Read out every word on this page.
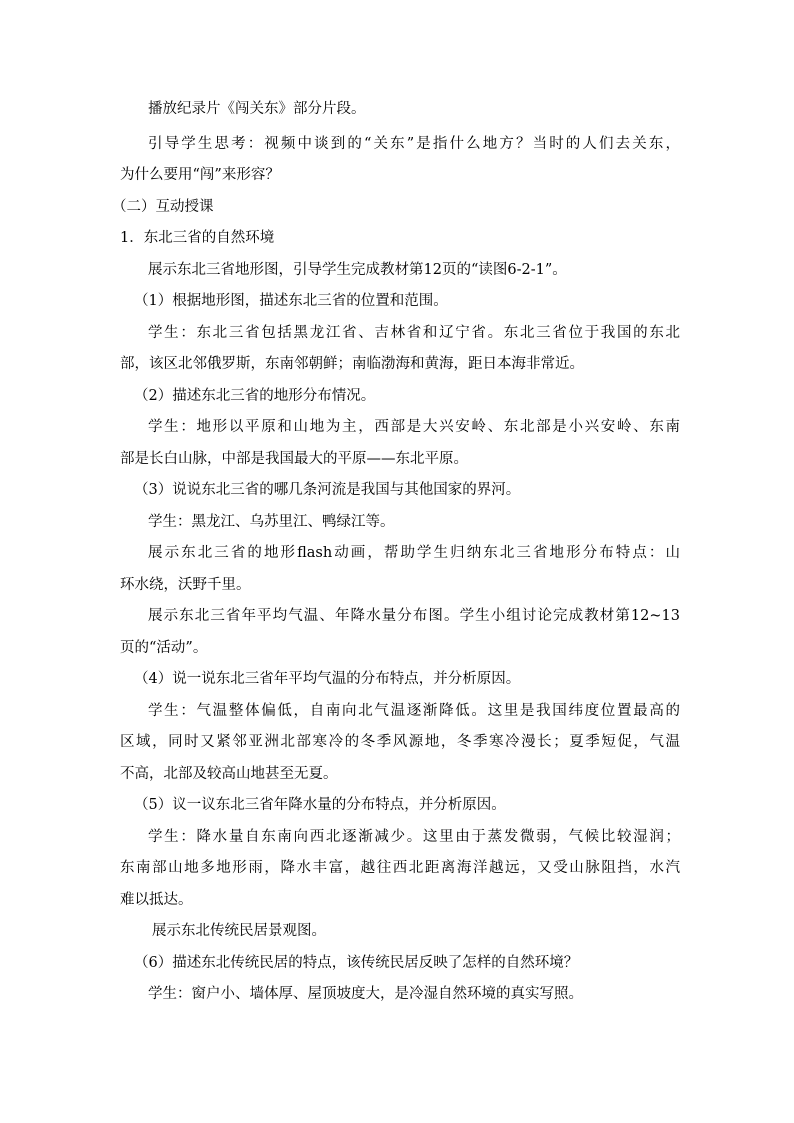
播放纪录片《闯关东》部分片段。
引导学生思考：视频中谈到的“关东”是指什么地方？当时的人们去关东，
为什么要用“闯”来形容？
（二）互动授课
1．东北三省的自然环境
展示东北三省地形图，引导学生完成教材第12页的“读图6-2-1”。
（1）根据地形图，描述东北三省的位置和范围。
学生：东北三省包括黑龙江省、吉林省和辽宁省。东北三省位于我国的东北
部，该区北邻俄罗斯，东南邻朝鲜；南临渤海和黄海，距日本海非常近。
（2）描述东北三省的地形分布情况。
学生：地形以平原和山地为主，西部是大兴安岭、东北部是小兴安岭、东南
部是长白山脉，中部是我国最大的平原——东北平原。
（3）说说东北三省的哪几条河流是我国与其他国家的界河。
学生：黑龙江、乌苏里江、鸭绿江等。
展示东北三省的地形flash动画，帮助学生归纳东北三省地形分布特点：山
环水绕，沃野千里。
展示东北三省年平均气温、年降水量分布图。学生小组讨论完成教材第12~13
页的“活动”。
（4）说一说东北三省年平均气温的分布特点，并分析原因。
学生：气温整体偏低，自南向北气温逐渐降低。这里是我国纬度位置最高的
区域，同时又紧邻亚洲北部寒冷的冬季风源地，冬季寒冷漫长；夏季短促，气温
不高，北部及较高山地甚至无夏。
（5）议一议东北三省年降水量的分布特点，并分析原因。
学生：降水量自东南向西北逐渐减少。这里由于蒸发微弱，气候比较湿润；
东南部山地多地形雨，降水丰富，越往西北距离海洋越远，又受山脉阻挡，水汽
难以抵达。
展示东北传统民居景观图。
（6）描述东北传统民居的特点，该传统民居反映了怎样的自然环境？
学生：窗户小、墙体厚、屋顶坡度大，是冷湿自然环境的真实写照。
